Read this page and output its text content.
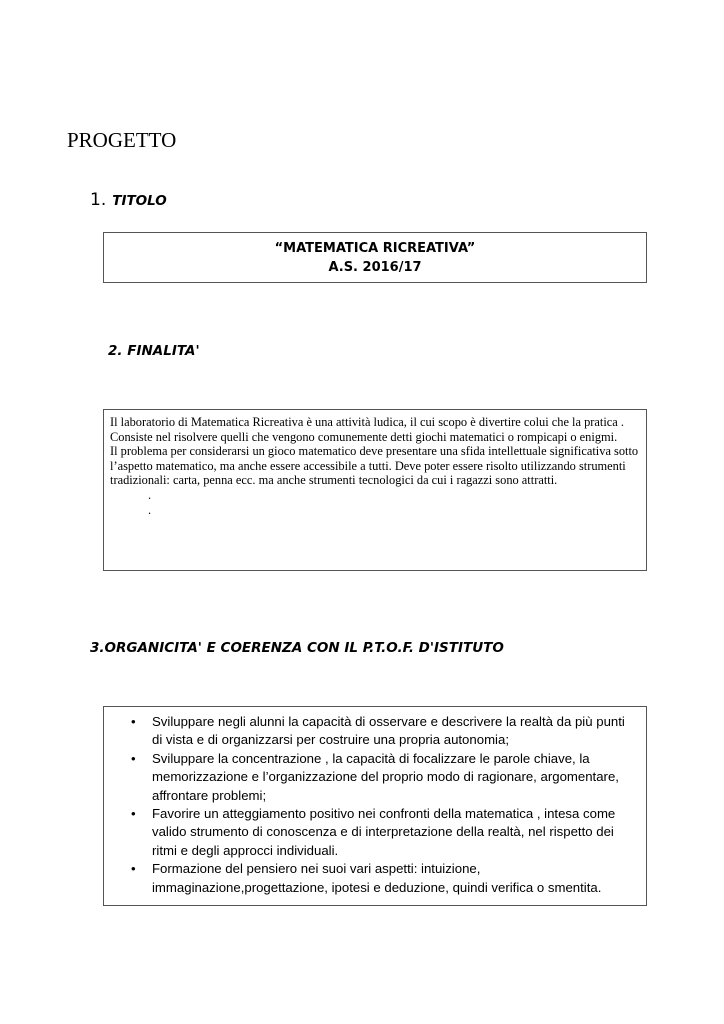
PROGETTO
1. TITOLO
“MATEMATICA RICREATIVA”
A.S. 2016/17
2. FINALITA'

Il laboratorio di Matematica Ricreativa è una attività ludica, il cui scopo è divertire colui che la pratica . Consiste nel risolvere quelli che vengono comunemente detti giochi matematici o rompicapi o enigmi.

Il problema per considerarsi un gioco matematico deve presentare una sfida intellettuale significativa sotto l’aspetto matematico, ma anche essere accessibile a tutti. Deve poter essere risolto utilizzando strumenti tradizionali: carta, penna ecc. ma anche strumenti tecnologici da cui i ragazzi sono attratti.

.
.
3.ORGANICITA' E COERENZA CON IL P.T.O.F. D'ISTITUTO
• Sviluppare negli alunni la capacità di osservare e descrivere la realtà da più punti di vista e di organizzarsi per costruire una propria autonomia;
• Sviluppare la concentrazione , la capacità di focalizzare le parole chiave, la memorizzazione e l’organizzazione del proprio modo di ragionare, argomentare, affrontare problemi;
• Favorire un atteggiamento positivo nei confronti della matematica , intesa come valido strumento di conoscenza e di interpretazione della realtà, nel rispetto dei ritmi e degli approcci individuali.
• Formazione del pensiero nei suoi vari aspetti: intuizione, immaginazione,progettazione, ipotesi e deduzione, quindi verifica o smentita.
